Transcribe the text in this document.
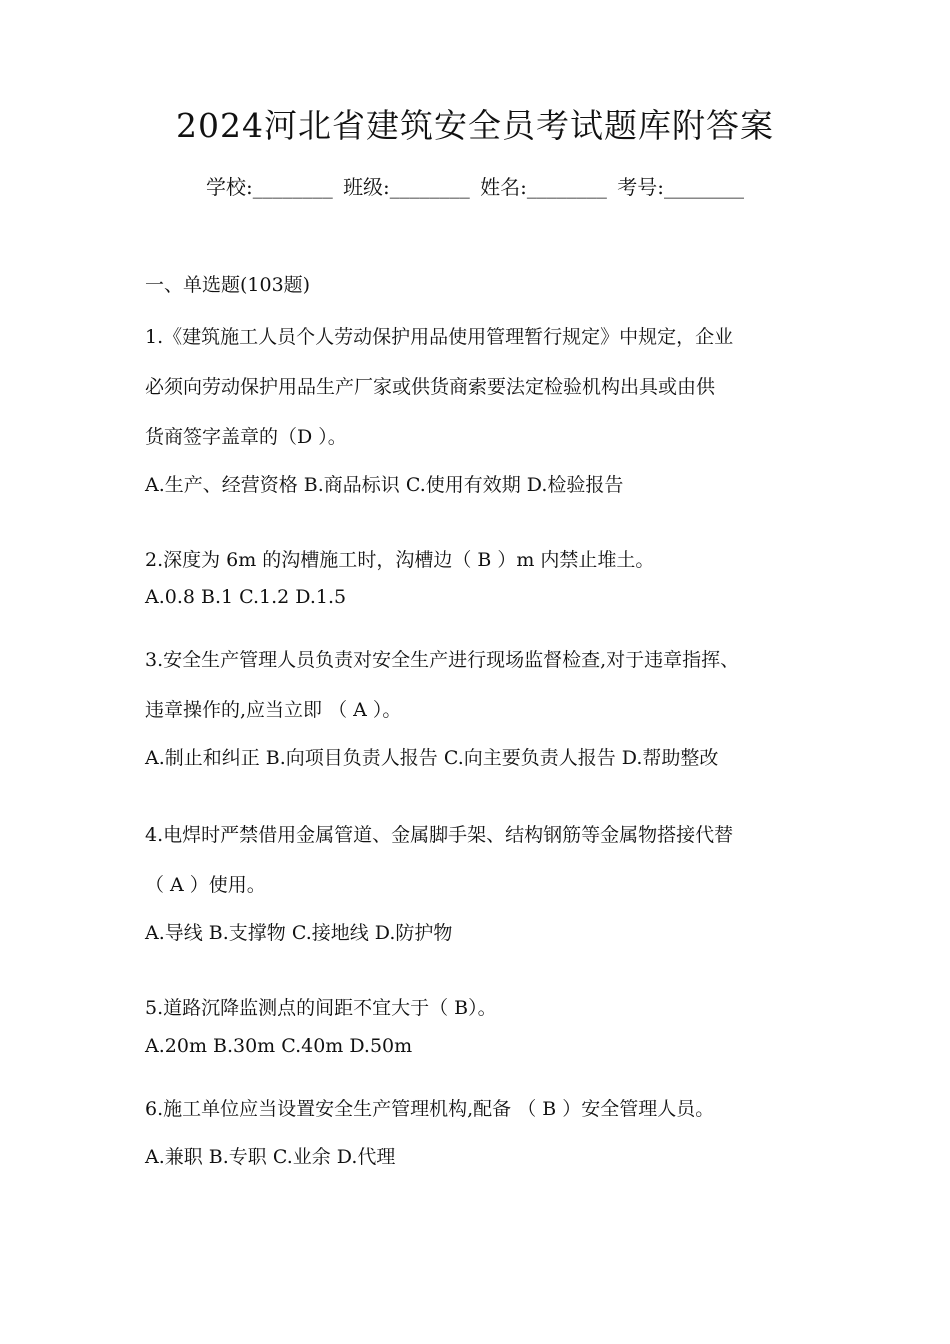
2024河北省建筑安全员考试题库附答案
学校:________ 班级:________ 姓名:________ 考号:________
一、单选题(103题)
1.《建筑施工人员个人劳动保护用品使用管理暂行规定》中规定，企业
必须向劳动保护用品生产厂家或供货商索要法定检验机构出具或由供
货商签字盖章的（D ）。
A.生产、经营资格 B.商品标识 C.使用有效期 D.检验报告
2.深度为 6m 的沟槽施工时，沟槽边（ B ）m 内禁止堆土。
A.0.8 B.1 C.1.2 D.1.5
3.安全生产管理人员负责对安全生产进行现场监督检查,对于违章指挥、
违章操作的,应当立即 （ A ）。
A.制止和纠正 B.向项目负责人报告 C.向主要负责人报告 D.帮助整改
4.电焊时严禁借用金属管道、金属脚手架、结构钢筋等金属物搭接代替
（ A ）使用。
A.导线 B.支撑物 C.接地线 D.防护物
5.道路沉降监测点的间距不宜大于（ B）。
A.20m B.30m C.40m D.50m
6.施工单位应当设置安全生产管理机构,配备 （ B ）安全管理人员。
A.兼职 B.专职 C.业余 D.代理
